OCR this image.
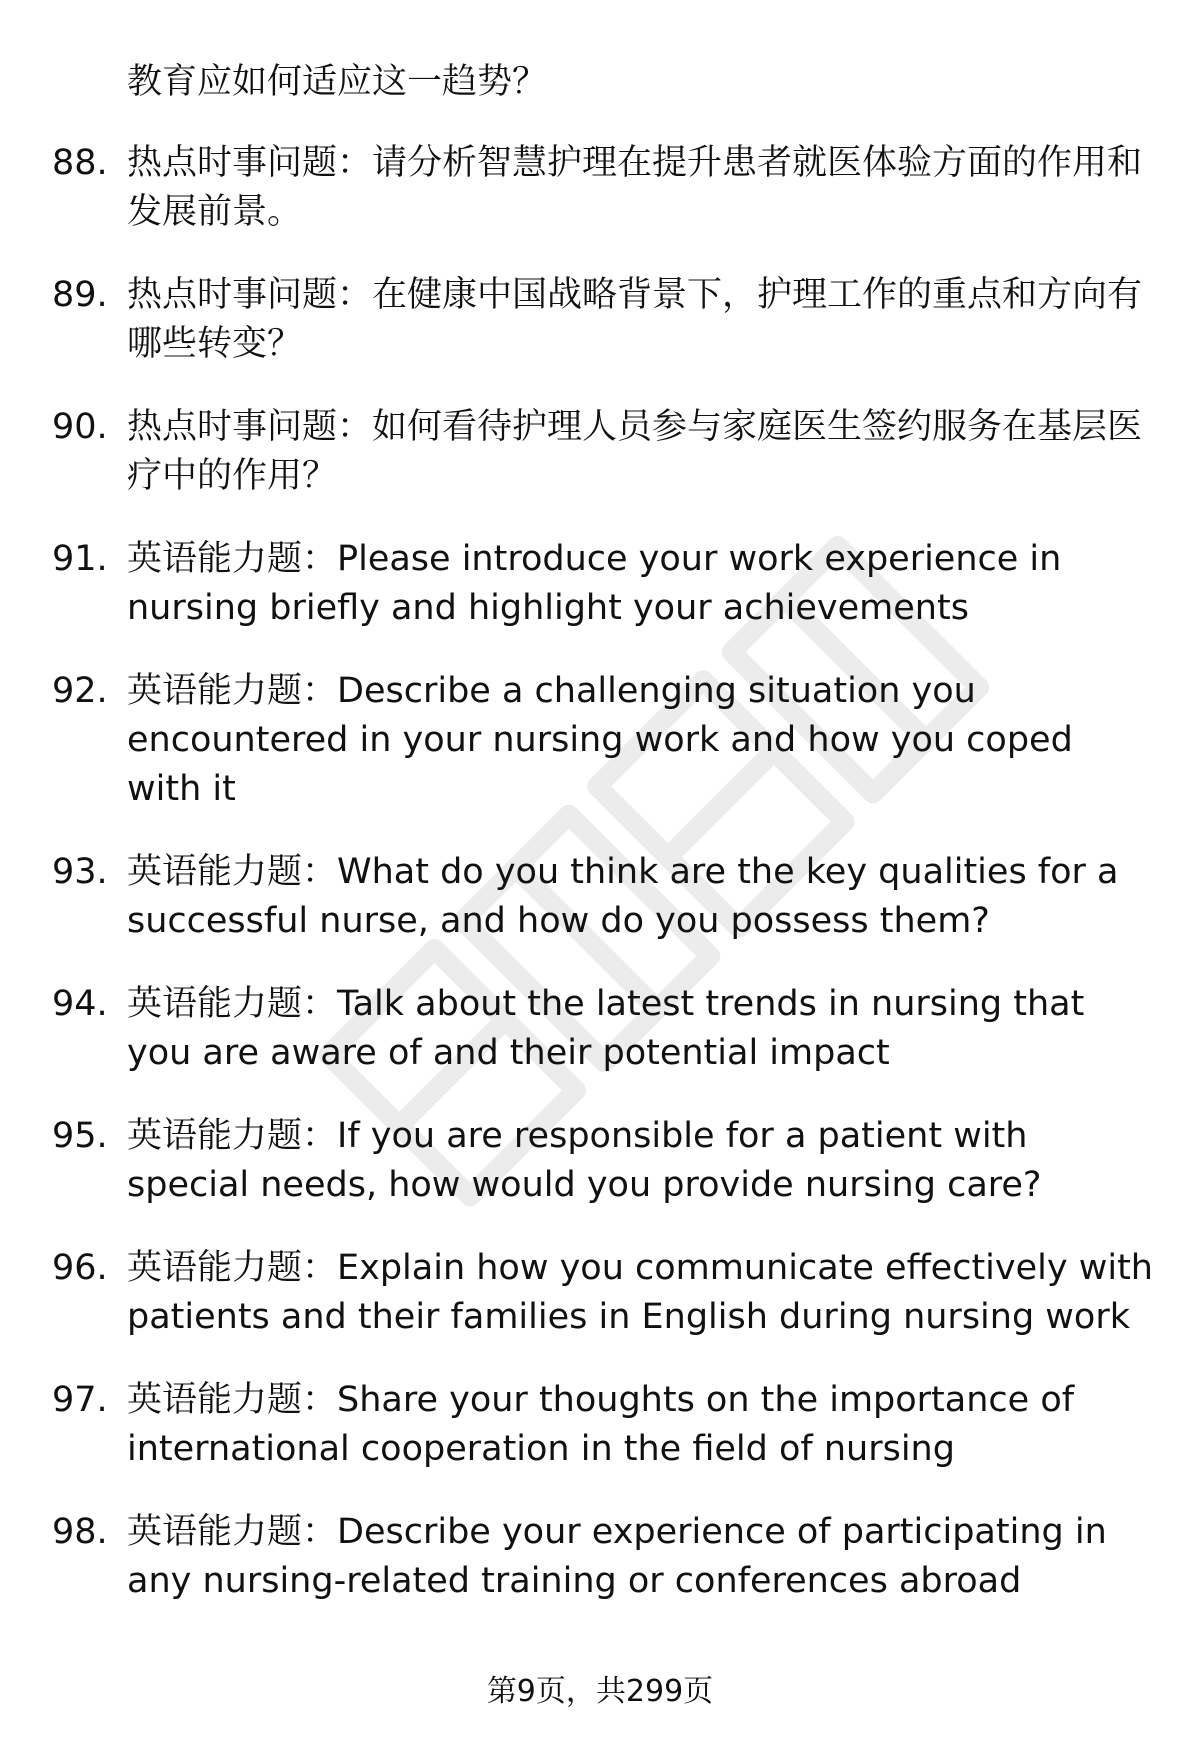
教育应如何适应这一趋势？
88. 热点时事问题：请分析智慧护理在提升患者就医体验方面的作用和发展前景。
89. 热点时事问题：在健康中国战略背景下，护理工作的重点和方向有哪些转变？
90. 热点时事问题：如何看待护理人员参与家庭医生签约服务在基层医疗中的作用？
91. 英语能力题：Please introduce your work experience in nursing briefly and highlight your achievements
92. 英语能力题：Describe a challenging situation you encountered in your nursing work and how you coped with it
93. 英语能力题：What do you think are the key qualities for a successful nurse, and how do you possess them?
94. 英语能力题：Talk about the latest trends in nursing that you are aware of and their potential impact
95. 英语能力题：If you are responsible for a patient with special needs, how would you provide nursing care?
96. 英语能力题：Explain how you communicate effectively with patients and their families in English during nursing work
97. 英语能力题：Share your thoughts on the importance of international cooperation in the field of nursing
98. 英语能力题：Describe your experience of participating in any nursing-related training or conferences abroad
第9页，共299页
